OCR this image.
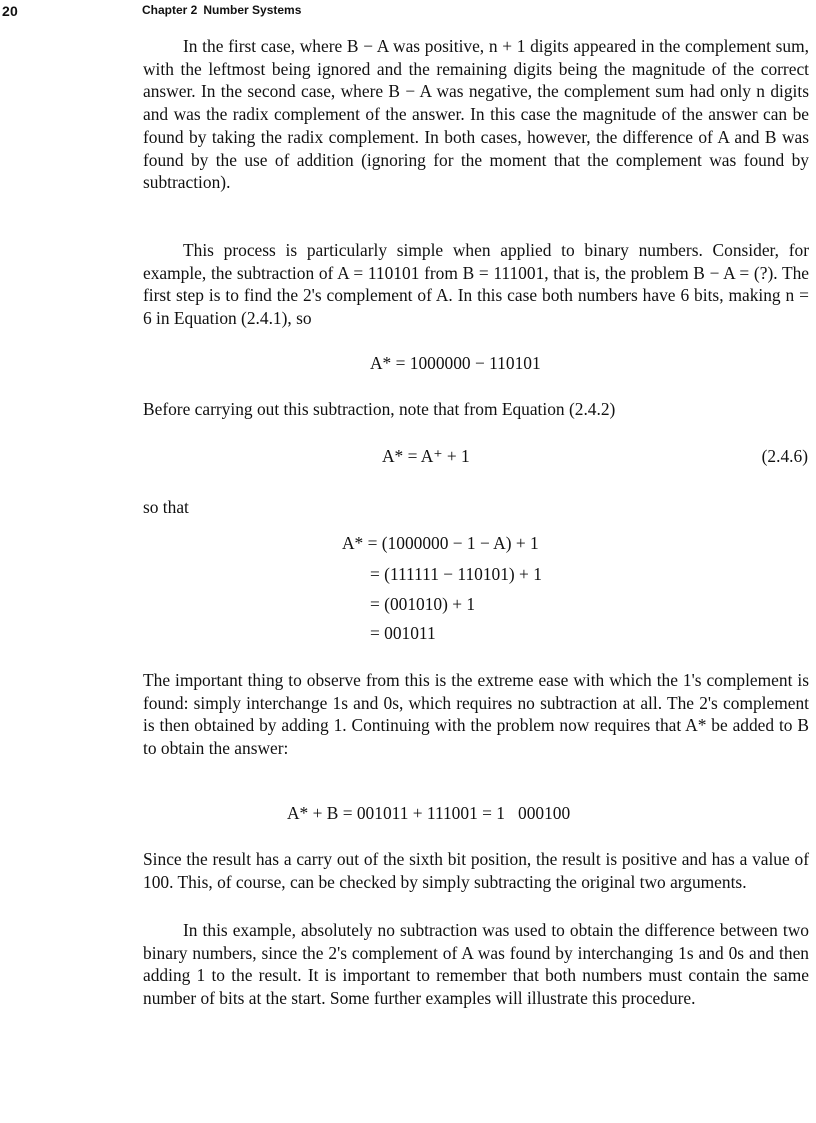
20	Chapter 2 Number Systems

In the first case, where B − A was positive, n + 1 digits appeared in the complement sum, with the leftmost being ignored and the remaining digits being the magnitude of the correct answer. In the second case, where B − A was negative, the complement sum had only n digits and was the radix complement of the answer. In this case the magnitude of the answer can be found by taking the radix complement. In both cases, however, the difference of A and B was found by the use of addition (ignoring for the moment that the complement was found by subtraction).

This process is particularly simple when applied to binary numbers. Consider, for example, the subtraction of A = 110101 from B = 111001, that is, the problem B − A = (?). The first step is to find the 2's complement of A. In this case both numbers have 6 bits, making n = 6 in Equation (2.4.1), so

A* = 1000000 − 110101

Before carrying out this subtraction, note that from Equation (2.4.2)

A* = A⁺ + 1	(2.4.6)

so that

A* = (1000000 − 1 − A) + 1
= (111111 − 110101) + 1
= (001010) + 1
= 001011

The important thing to observe from this is the extreme ease with which the 1's complement is found: simply interchange 1s and 0s, which requires no subtraction at all. The 2's complement is then obtained by adding 1. Continuing with the problem now requires that A* be added to B to obtain the answer:

A* + B = 001011 + 111001 = 1   000100

Since the result has a carry out of the sixth bit position, the result is positive and has a value of 100. This, of course, can be checked by simply subtracting the original two arguments.

In this example, absolutely no subtraction was used to obtain the difference between two binary numbers, since the 2's complement of A was found by interchanging 1s and 0s and then adding 1 to the result. It is important to remember that both numbers must contain the same number of bits at the start. Some further examples will illustrate this procedure.
